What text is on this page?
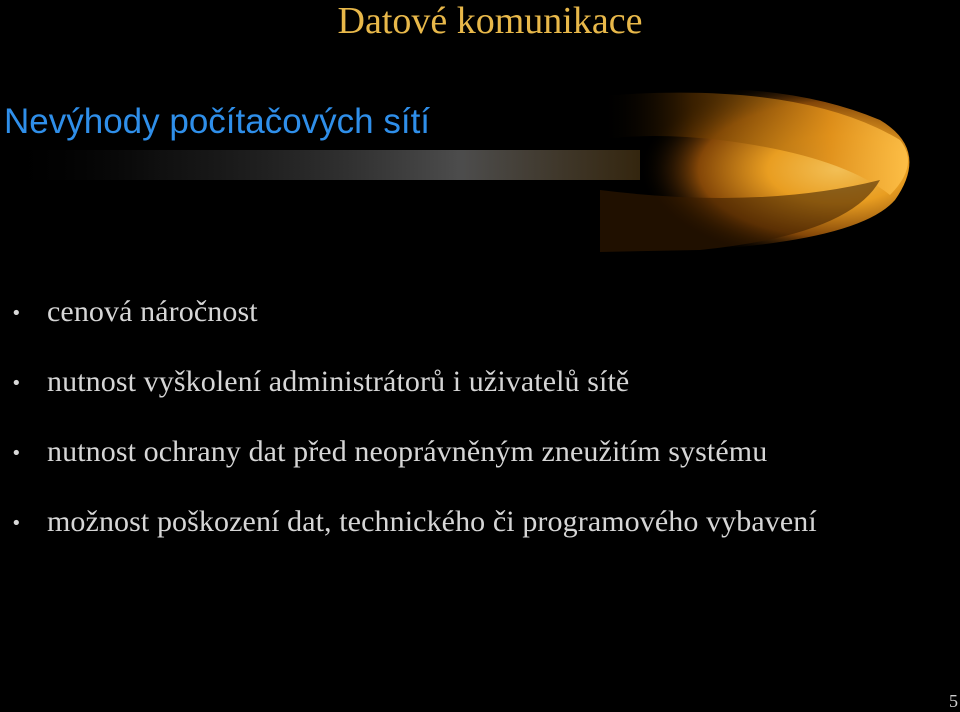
Datové komunikace
Nevýhody počítačových sítí
• cenová náročnost
• nutnost vyškolení administrátorů i uživatelů sítě
• nutnost ochrany dat před neoprávněným zneužitím systému
• možnost poškození dat, technického či programového vybavení
5
